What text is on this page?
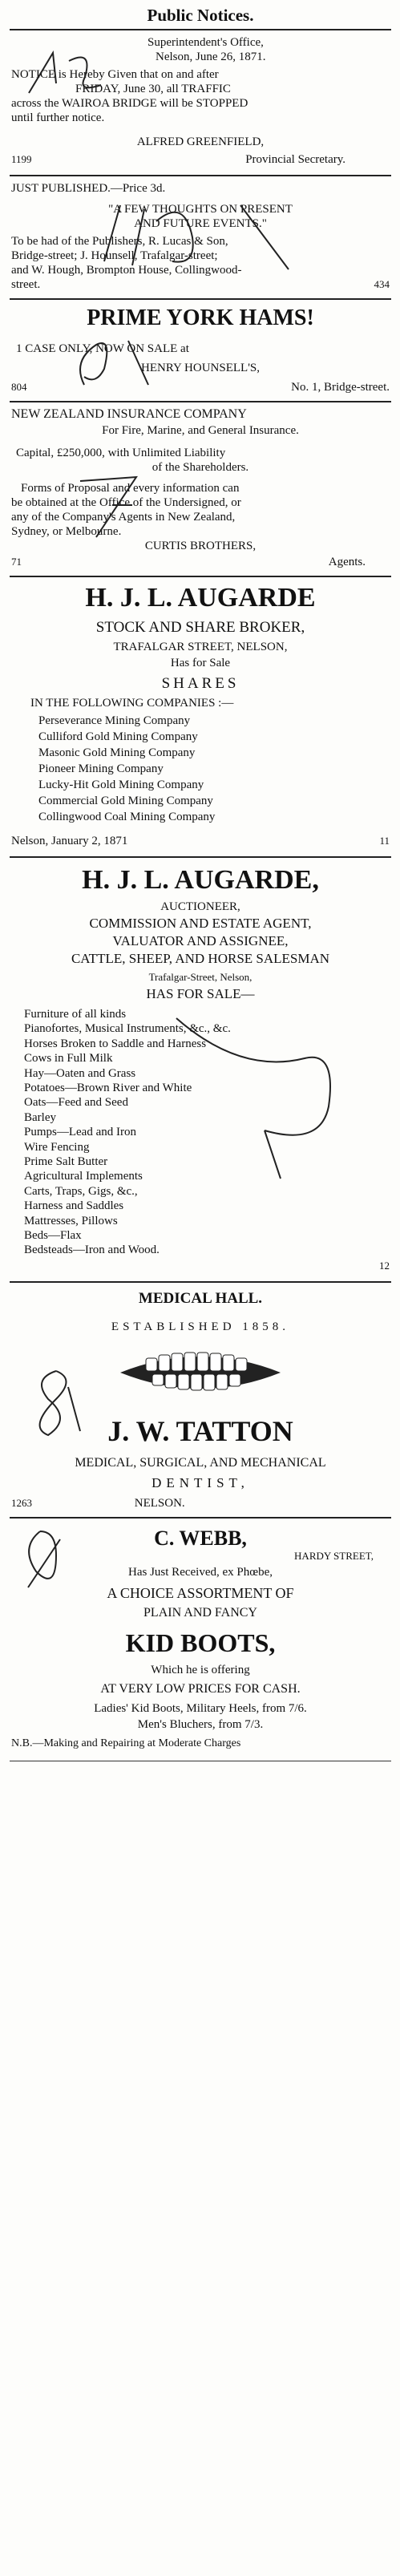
Public Notices.
Superintendent's Office,
Nelson, June 26, 1871.
NOTICE is Hereby Given that on and after
FRIDAY, June 30, all TRAFFIC
across the WAIROA BRIDGE will be STOPPED
until further notice.
ALFRED GREENFIELD,
1199	Provincial Secretary.
JUST PUBLISHED.—Price 3d.
"A FEW THOUGHTS ON PRESENT
AND FUTURE EVENTS."
To be had of the Publishers, R. Lucas & Son,
Bridge-street; J. Hounsell, Trafalgar-street;
and W. Hough, Brompton House, Collingwood-
street.	434
PRIME YORK HAMS!
1 CASE ONLY, NOW ON SALE at
HENRY HOUNSELL'S,
804	No. 1, Bridge-street.
NEW ZEALAND INSURANCE COMPANY
For Fire, Marine, and General Insurance.
Capital, £250,000, with Unlimited Liability
of the Shareholders.
Forms of Proposal and every information can
be obtained at the Office of the Undersigned, or
any of the Company's Agents in New Zealand,
Sydney, or Melbourne.
CURTIS BROTHERS,
71	Agents.
H. J. L. AUGARDE
STOCK AND SHARE BROKER,
TRAFALGAR STREET, NELSON,
Has for Sale
SHARES
IN THE FOLLOWING COMPANIES :—
Nelson, January 2, 1871	11
H. J. L. AUGARDE,
AUCTIONEER,
COMMISSION AND ESTATE AGENT,
VALUATOR AND ASSIGNEE,
CATTLE, SHEEP, AND HORSE SALESMAN
Trafalgar-Street, Nelson,
HAS FOR SALE—
12
MEDICAL HALL.
ESTABLISHED 1858.
J. W. TATTON
MEDICAL, SURGICAL, AND MECHANICAL
DENTIST,
1263	NELSON.
C. WEBB,
HARDY STREET,
Has Just Received, ex Phœbe,
A CHOICE ASSORTMENT OF
PLAIN AND FANCY
KID BOOTS,
Which he is offering
AT VERY LOW PRICES FOR CASH.
Ladies' Kid Boots, Military Heels, from 7/6.
Men's Bluchers, from 7/3.
N.B.—Making and Repairing at Moderate Charges
Perseverance Mining Company
Culliford Gold Mining Company
Masonic Gold Mining Company
Pioneer Mining Company
Lucky-Hit Gold Mining Company
Commercial Gold Mining Company
Collingwood Coal Mining Company
Furniture of all kinds
Pianofortes, Musical Instruments, &c., &c.
Horses Broken to Saddle and Harness
Cows in Full Milk
Hay—Oaten and Grass
Potatoes—Brown River and White
Oats—Feed and Seed
Barley
Pumps—Lead and Iron
Wire Fencing
Prime Salt Butter
Agricultural Implements
Carts, Traps, Gigs, &c.,
Harness and Saddles
Mattresses, Pillows
Beds—Flax
Bedsteads—Iron and Wood.
